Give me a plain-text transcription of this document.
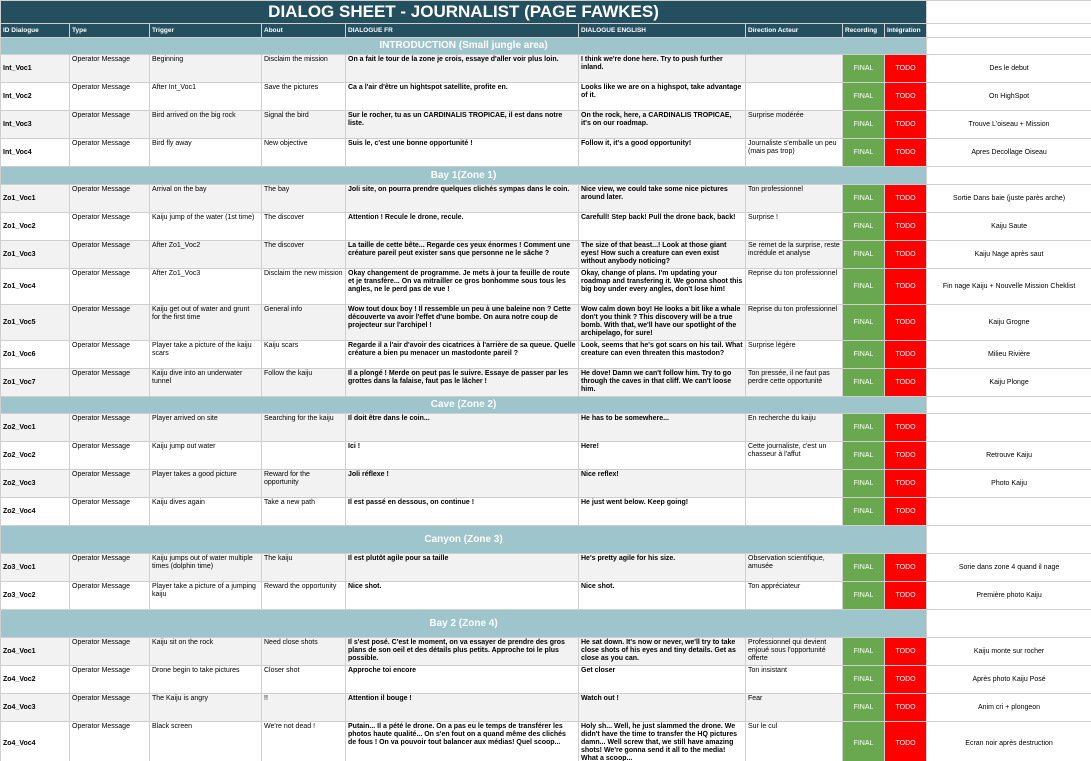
DIALOG SHEET - JOURNALIST (PAGE FAWKES)									
ID Dialogue	Type	Trigger	About	DIALOGUE FR	DIALOGUE ENGLISH	Direction Acteur	Recording	Intégration	
INTRODUCTION (Small jungle area)									
Int_Voc1	Operator Message	Beginning	Disclaim the mission	On a fait le tour de la zone je crois, essaye d'aller voir plus loin.	I think we're done here. Try to push further inland.		FINAL	TODO	Des le debut
Int_Voc2	Operator Message	After Int_Voc1	Save the pictures	Ca a l'air d'être un hightspot satellite, profite en.	Looks like we are on a highspot, take advantage of it.		FINAL	TODO	On HighSpot
Int_Voc3	Operator Message	Bird arrived on the big rock	Signal the bird	Sur le rocher, tu as un CARDINALIS TROPICAE, il est dans notre liste.	On the rock, here, a CARDINALIS TROPICAE, it's on our roadmap.	Surprise modérée	FINAL	TODO	Trouve L'oiseau + Mission
Int_Voc4	Operator Message	Bird fly away	New objective	Suis le, c'est une bonne opportunité !	Follow it, it's a good opportunity!	Journaliste s'emballe un peu (mais pas trop)	FINAL	TODO	Apres Decollage Oiseau
Bay 1(Zone 1)									
Zo1_Voc1	Operator Message	Arrival on the bay	The bay	Joli site, on pourra prendre quelques clichés sympas dans le coin.	Nice view, we could take some nice pictures around later.	Ton professionnel	FINAL	TODO	Sortie Dans baie (juste parès arche)
Zo1_Voc2	Operator Message	Kaiju jump of the water (1st time)	The discover	Attention ! Recule le drone, recule.	Carefull! Step back! Pull the drone back, back!	Surprise !	FINAL	TODO	Kaiju Saute
Zo1_Voc3	Operator Message	After Zo1_Voc2	The discover	La taille de cette bête... Regarde ces yeux énormes ! Comment une créature pareil peut exister sans que personne ne le sâche ?	The size of that beast...! Look at those giant eyes! How such a creature can even exist without anybody noticing?	Se remet de la surprise, reste incrédule et analyse	FINAL	TODO	Kaiju Nage après saut
Zo1_Voc4	Operator Message	After Zo1_Voc3	Disclaim the new mission	Okay changement de programme. Je mets à jour ta feuille de route et je transfère... On va mitrailler ce gros bonhomme sous tous les angles, ne le perd pas de vue !	Okay, change of plans. I'm updating your roadmap and transfering it. We gonna shoot this big boy under every angles, don't lose him!	Reprise du ton professionnel	FINAL	TODO	Fin nage Kaiju + Nouvelle Mission Cheklist
Zo1_Voc5	Operator Message	Kaiju get out of water and grunt for the first time	General info	Wow tout doux boy ! Il ressemble un peu à une baleine non ? Cette découverte va avoir l'effet d'une bombe. On aura notre coup de projecteur sur l'archipel !	Wow calm down boy! He looks a bit like a whale don't you think ? This discovery will be a true bomb. With that, we'll have our spotlight of the archipelago, for sure!	Reprise du ton professionnel	FINAL	TODO	Kaiju Grogne
Zo1_Voc6	Operator Message	Player take a picture of the kaiju scars	Kaiju scars	Regarde il a l'air d'avoir des cicatrices à l'arrière de sa queue. Quelle créature a bien pu menacer un mastodonte pareil ?	Look, seems that he's got scars on his tail. What creature can even threaten this mastodon?	Surprise légère	FINAL	TODO	Milieu Rivière
Zo1_Voc7	Operator Message	Kaiju dive into an underwater tunnel	Follow the kaiju	Il a plongé ! Merde on peut pas le suivre. Essaye de passer par les grottes dans la falaise, faut pas le lâcher !	He dove! Damn we can't follow him. Try to go through the caves in that cliff. We can't loose him.	Ton pressée, il ne faut pas perdre cette opportunité	FINAL	TODO	Kaiju Plonge
Cave (Zone 2)									
Zo2_Voc1	Operator Message	Player arrived on site	Searching for the kaiju	Il doit être dans le coin...	He has to be somewhere...	En recherche du kaiju	FINAL	TODO	
Zo2_Voc2	Operator Message	Kaiju jump out water		Ici !	Here!	Cette journaliste, c'est un chasseur à l'affut	FINAL	TODO	Retrouve Kaiju
Zo2_Voc3	Operator Message	Player takes a good picture	Reward for the opportunity	Joli réflexe !	Nice reflex!		FINAL	TODO	Photo Kaiju
Zo2_Voc4	Operator Message	Kaiju dives again	Take a new path	Il est passé en dessous, on continue !	He just went below. Keep going!		FINAL	TODO	
Canyon (Zone 3)									
Zo3_Voc1	Operator Message	Kaiju jumps out of water multiple times (dolphin time)	The kaiju	Il est plutôt agile pour sa taille	He's pretty agile for his size.	Observation scientifique, amusée	FINAL	TODO	Sorie dans zone 4 quand il nage
Zo3_Voc2	Operator Message	Player take a picture of a jumping kaiju	Reward the opportunity	Nice shot.	Nice shot.	Ton appréciateur	FINAL	TODO	Première photo Kaiju
Bay 2 (Zone 4)									
Zo4_Voc1	Operator Message	Kaiju sit on the rock	Need close shots	Il s'est posé. C'est le moment, on va essayer de prendre des gros plans de son oeil et des détails plus petits. Approche toi le plus possible.	He sat down. It's now or never, we'll try to take close shots of his eyes and tiny details. Get as close as you can.	Professionnel qui devient enjoué sous l'opportunité offerte	FINAL	TODO	Kaiju monte sur rocher
Zo4_Voc2	Operator Message	Drone begin to take pictures	Closer shot	Approche toi encore	Get closer	Ton insistant	FINAL	TODO	Après photo Kaiju Posé
Zo4_Voc3	Operator Message	The Kaiju is angry	!!	Attention il bouge !	Watch out !	Fear	FINAL	TODO	Anim cri + plongeon
Zo4_Voc4	Operator Message	Black screen	We're not dead !	Putain... Il a pété le drone. On a pas eu le temps de transférer les photos haute qualité... On s'en fout on a quand même des clichés de fous ! On va pouvoir tout balancer aux médias! Quel scoop...	Holy sh... Well, he just slammed the drone. We didn't have the time to transfer the HQ pictures damn... Well screw that, we still have amazing shots! We're gonna send it all to the media! What a scoop...	Sur le cul	FINAL	TODO	Ecran noir après destruction
